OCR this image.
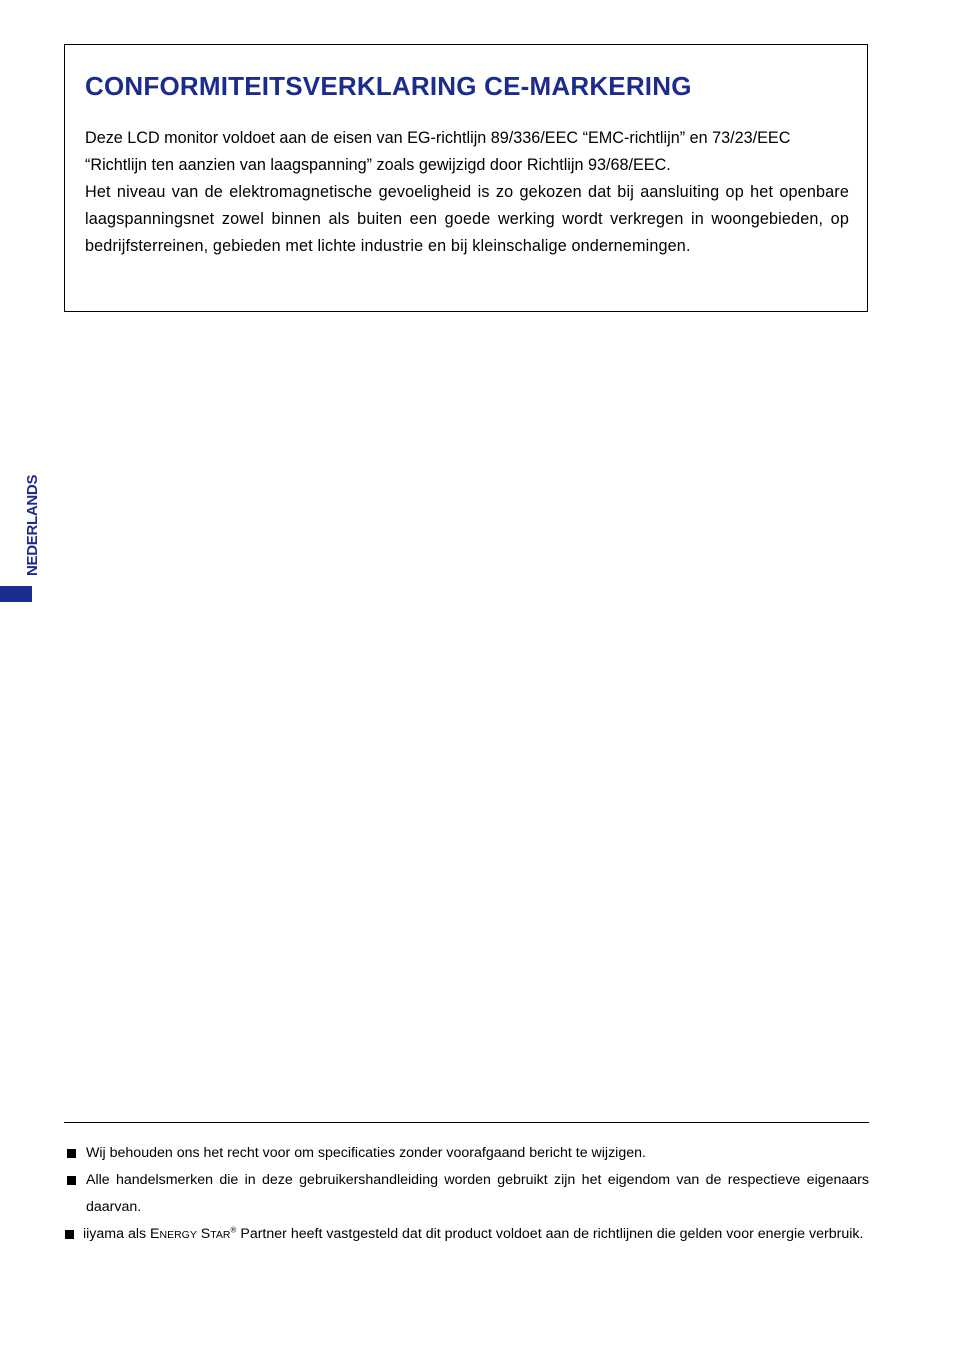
CONFORMITEITSVERKLARING CE-MARKERING

Deze LCD monitor voldoet aan de eisen van EG-richtlijn 89/336/EEC “EMC-richtlijn” en 73/23/EEC

“Richtlijn ten aanzien van laagspanning” zoals gewijzigd door Richtlijn 93/68/EEC.

Het niveau van de elektromagnetische gevoeligheid is zo gekozen dat bij aansluiting op het openbare laagspanningsnet zowel binnen als buiten een goede werking wordt verkregen in woongebieden, op bedrijfsterreinen, gebieden met lichte industrie en bij kleinschalige ondernemingen.

NEDERLANDS
Wij behouden ons het recht voor om specificaties zonder voorafgaand bericht te wijzigen.
Alle handelsmerken die in deze gebruikershandleiding worden gebruikt zijn het eigendom van de respectieve eigenaars daarvan.
iiyama als ENERGY STAR® Partner heeft vastgesteld dat dit product voldoet aan de richtlijnen die gelden voor energie verbruik.
